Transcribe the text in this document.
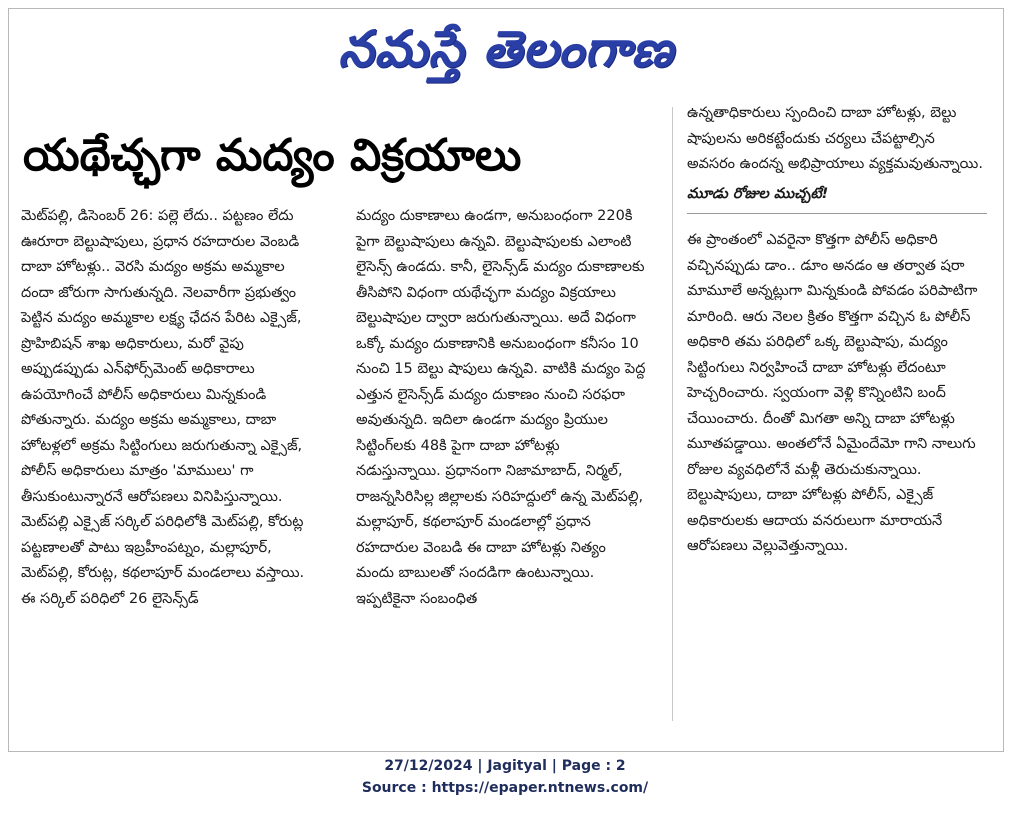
నమస్తే తెలంగాణ
యథేచ్ఛగా మద్యం విక్రయాలు

మెట్‌పల్లి, డిసెంబర్ 26: పల్లె లేదు.. పట్టణం లేదు ఊరూరా బెల్టుషాపులు, ప్రధాన రహదారుల వెంబడి దాబా హోటళ్లు.. వెరసి మద్యం అక్రమ అమ్మకాల దందా జోరుగా సాగుతున్నది. నెలవారీగా ప్రభుత్వం పెట్టిన మద్యం అమ్మకాల లక్ష్య ఛేదన పేరిట ఎక్సైజ్, ప్రొహిబిషన్ శాఖ అధికారులు, మరో వైపు అప్పుడప్పుడు ఎన్‌ఫోర్స్‌మెంట్ అధికారాలు ఉపయోగించే పోలీస్ అధికారులు మిన్నకుండి పోతున్నారు. మద్యం అక్రమ అమ్మకాలు, దాబా హోటళ్లలో అక్రమ సిట్టింగులు జరుగుతున్నా ఎక్సైజ్, పోలీస్ అధికారులు మాత్రం 'మాములు' గా తీసుకుంటున్నారనే ఆరోపణలు వినిపిస్తున్నాయి. మెట్‌పల్లి ఎక్సైజ్ సర్కిల్ పరిధిలోకి మెట్‌పల్లి, కోరుట్ల పట్టణాలతో పాటు ఇబ్రహీంపట్నం, మల్లాపూర్, మెట్‌పల్లి, కోరుట్ల, కథలాపూర్ మండలాలు వస్తాయి. ఈ సర్కిల్ పరిధిలో 26 లైసెన్స్‌డ్

మద్యం దుకాణాలు ఉండగా, అనుబంధంగా 220కి పైగా బెల్టుషాపులు ఉన్నవి. బెల్టుషాపులకు ఎలాంటి లైసెన్స్ ఉండదు. కానీ, లైసెన్స్‌డ్ మద్యం దుకాణాలకు తీసిపోని విధంగా యథేచ్ఛగా మద్యం విక్రయాలు బెల్టుషాపుల ద్వారా జరుగుతున్నాయి. అదే విధంగా ఒక్కో మద్యం దుకాణానికి అనుబంధంగా కనీసం 10 నుంచి 15 బెల్టు షాపులు ఉన్నవి. వాటికి మద్యం పెద్ద ఎత్తున లైసెన్స్‌డ్ మద్యం దుకాణం నుంచి సరఫరా అవుతున్నది. ఇదిలా ఉండగా మద్యం ప్రియుల సిట్టింగ్‌లకు 48కి పైగా దాబా హోటళ్లు నడుస్తున్నాయి. ప్రధానంగా నిజామాబాద్, నిర్మల్, రాజన్నసిరిసిల్ల జిల్లాలకు సరిహద్దులో ఉన్న మెట్‌పల్లి, మల్లాపూర్, కథలాపూర్ మండలాల్లో ప్రధాన రహదారుల వెంబడి ఈ దాబా హోటళ్లు నిత్యం మందు బాబులతో సందడిగా ఉంటున్నాయి. ఇప్పటికైనా సంబంధిత

ఉన్నతాధికారులు స్పందించి దాబా హోటళ్లు, బెల్టు షాపులను అరికట్టేందుకు చర్యలు చేపట్టాల్సిన అవసరం ఉందన్న అభిప్రాయాలు వ్యక్తమవుతున్నాయి.

మూడు రోజుల ముచ్చటే!

ఈ ప్రాంతంలో ఎవరైనా కొత్తగా పోలీస్ అధికారి వచ్చినప్పుడు డాం.. డూం అనడం ఆ తర్వాత షరా మామూలే అన్నట్లుగా మిన్నకుండి పోవడం పరిపాటిగా మారింది. ఆరు నెలల క్రితం కొత్తగా వచ్చిన ఓ పోలీస్ అధికారి తమ పరిధిలో ఒక్క బెల్టుషాపు, మద్యం సిట్టింగులు నిర్వహించే దాబా హోటళ్లు లేదంటూ హెచ్చరించారు. స్వయంగా వెళ్లి కొన్నింటిని బంద్ చేయించారు. దీంతో మిగతా అన్ని దాబా హోటళ్లు మూతపడ్డాయి. అంతలోనే ఏమైందేమో గాని నాలుగు రోజుల వ్యవధిలోనే మళ్లీ తెరుచుకున్నాయి. బెల్టుషాపులు, దాబా హోటళ్లు పోలీస్, ఎక్సైజ్ అధికారులకు ఆదాయ వనరులుగా మారాయనే ఆరోపణలు వెల్లువెత్తున్నాయి.

27/12/2024 | Jagityal | Page : 2
Source : https://epaper.ntnews.com/
